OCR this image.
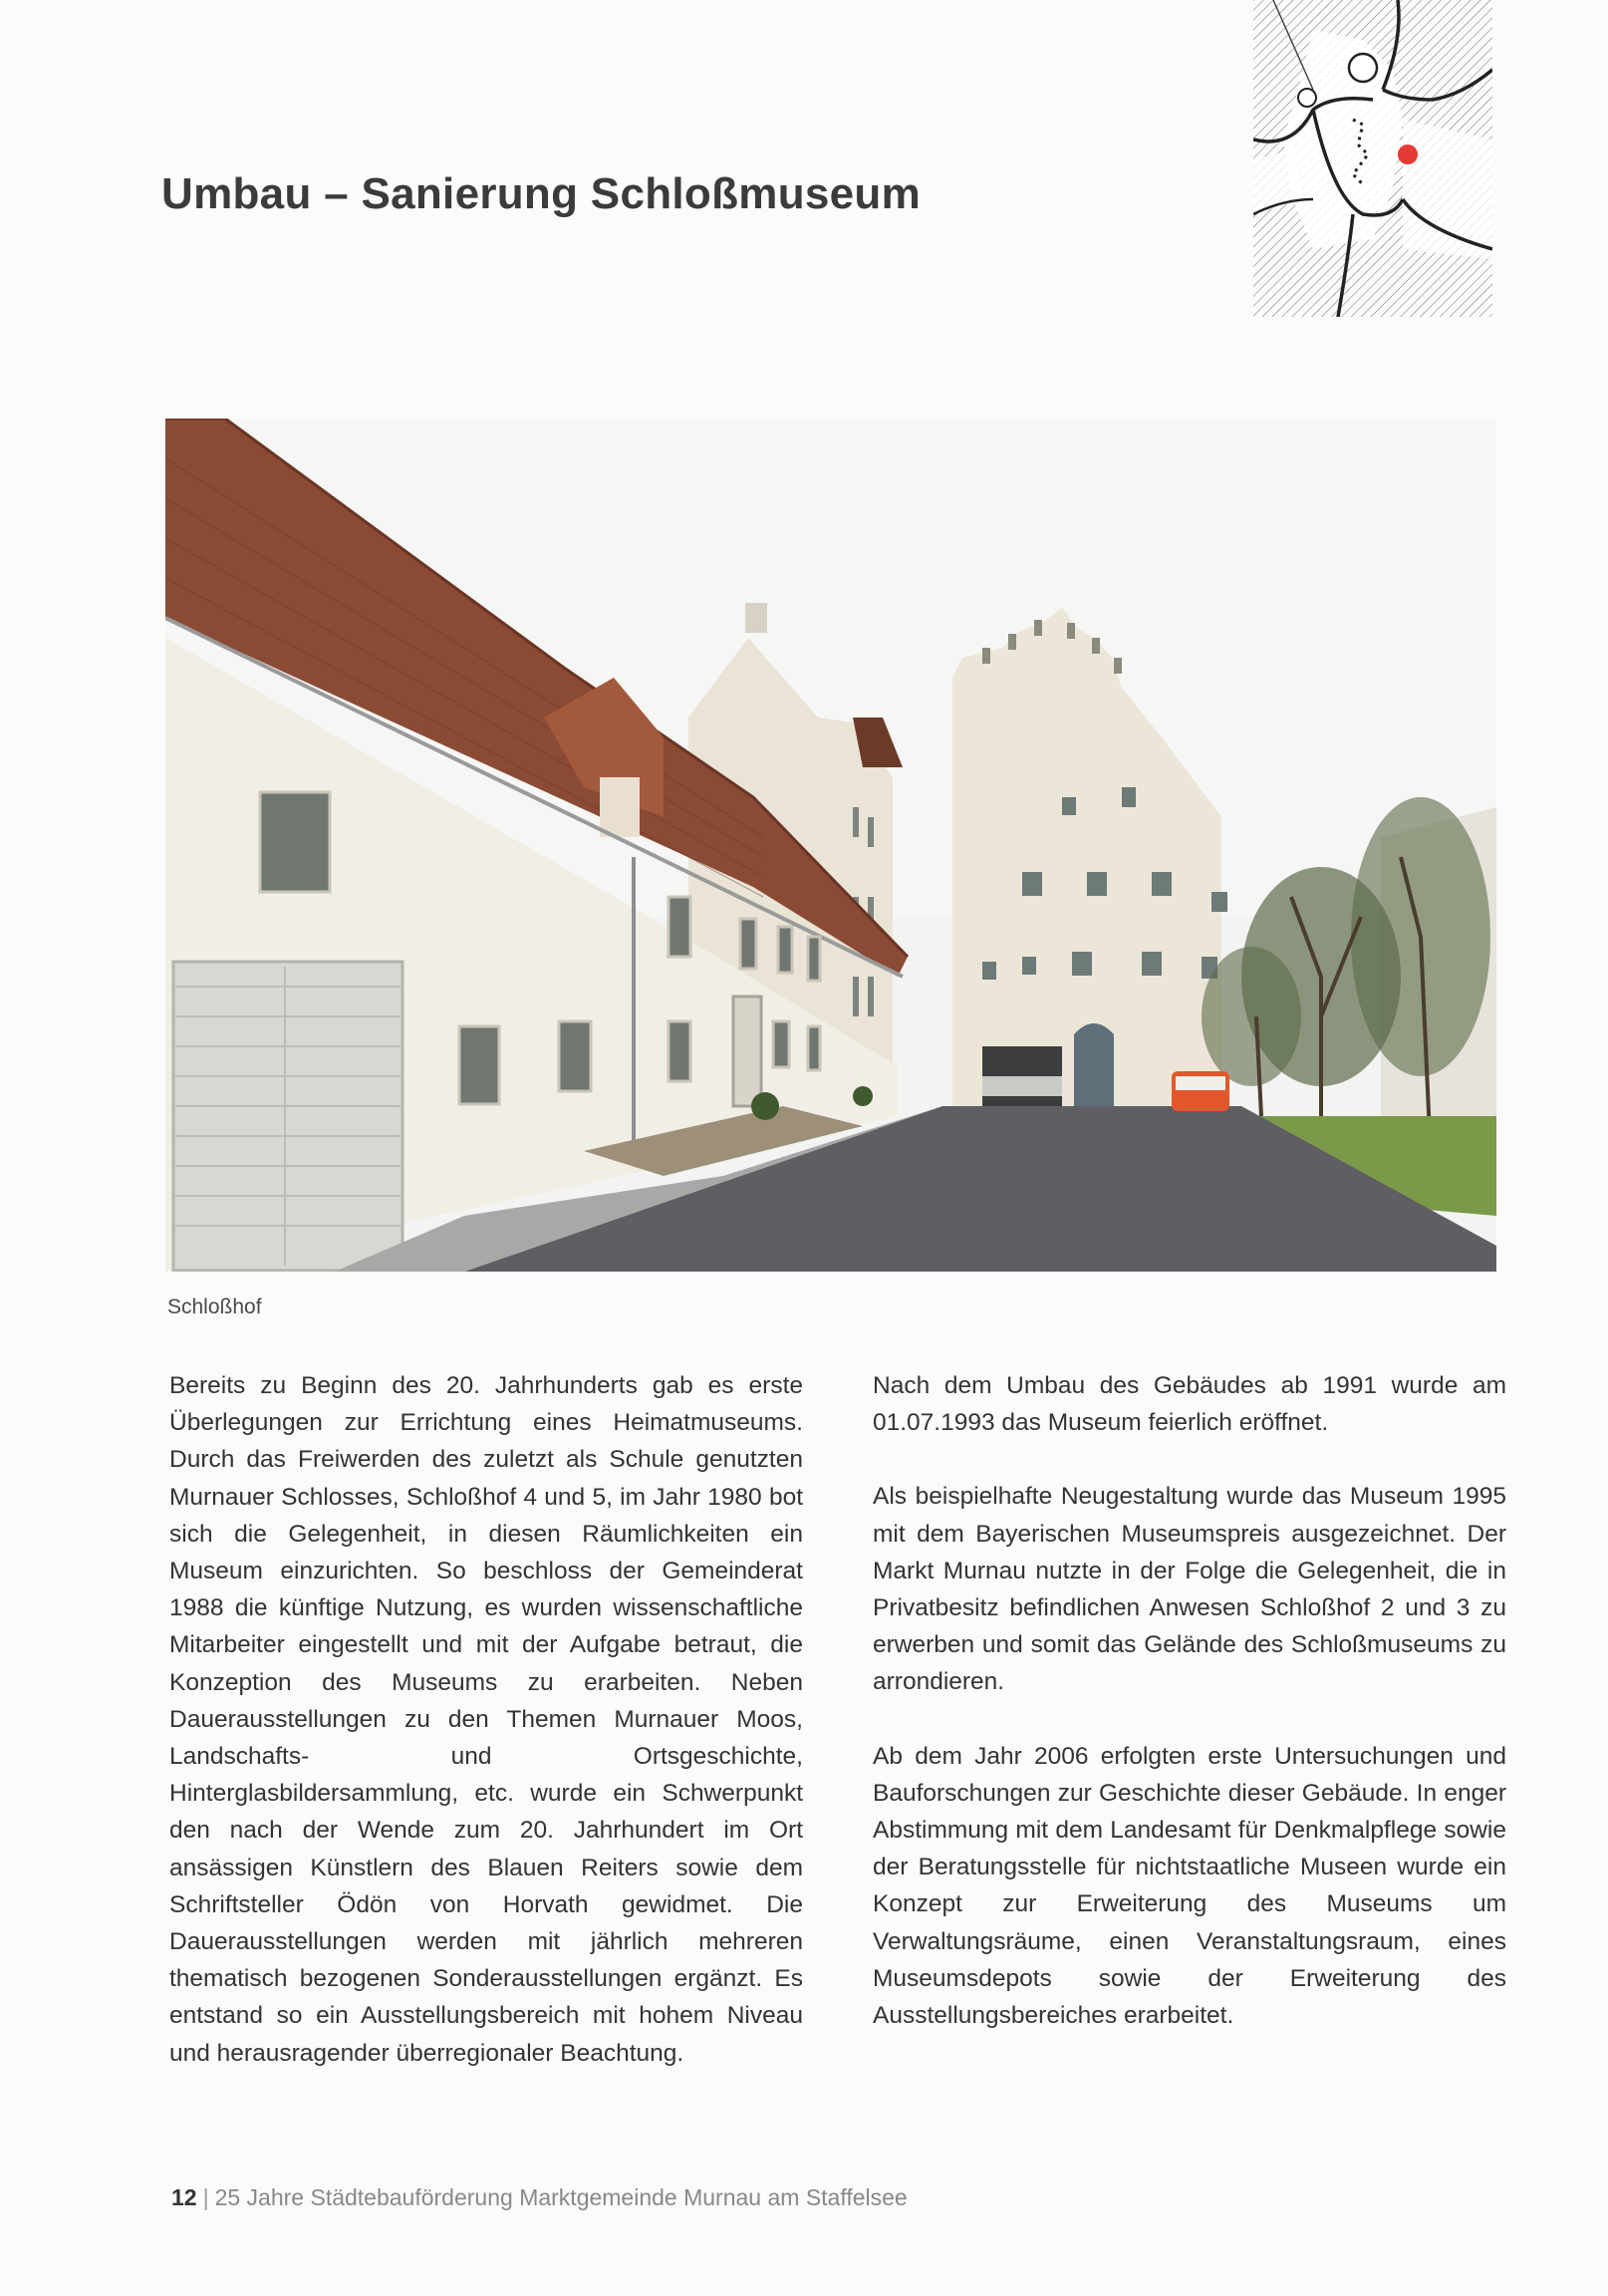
Umbau – Sanierung Schloßmuseum
Schloßhof

Bereits zu Beginn des 20. Jahrhunderts gab es erste Überlegungen zur Errichtung eines Heimatmuseums. Durch das Freiwerden des zuletzt als Schule genutzten Murnauer Schlosses, Schloßhof 4 und 5, im Jahr 1980 bot sich die Gelegenheit, in diesen Räumlichkeiten ein Museum einzurichten. So beschloss der Gemeinderat 1988 die künftige Nutzung, es wurden wissenschaftliche Mitarbeiter eingestellt und mit der Aufgabe betraut, die Konzeption des Museums zu erarbeiten. Neben Dauerausstellungen zu den Themen Murnauer Moos, Landschafts- und Ortsgeschichte, Hinterglasbildersammlung, etc. wurde ein Schwerpunkt den nach der Wende zum 20. Jahrhundert im Ort ansässigen Künstlern des Blauen Reiters sowie dem Schriftsteller Ödön von Horvath gewidmet. Die Dauerausstellungen werden mit jährlich mehreren thematisch bezogenen Sonderausstellungen ergänzt. Es entstand so ein Ausstellungsbereich mit hohem Niveau und herausragender überregionaler Beachtung.

Nach dem Umbau des Gebäudes ab 1991 wurde am 01.07.1993 das Museum feierlich eröffnet.

Als beispielhafte Neugestaltung wurde das Museum 1995 mit dem Bayerischen Museumspreis ausgezeichnet. Der Markt Murnau nutzte in der Folge die Gelegenheit, die in Privatbesitz befindlichen Anwesen Schloßhof 2 und 3 zu erwerben und somit das Gelände des Schloßmuseums zu arrondieren.

Ab dem Jahr 2006 erfolgten erste Untersuchungen und Bauforschungen zur Geschichte dieser Gebäude. In enger Abstimmung mit dem Landesamt für Denkmalpflege sowie der Beratungsstelle für nichtstaatliche Museen wurde ein Konzept zur Erweiterung des Museums um Verwaltungsräume, einen Veranstaltungsraum, eines Museumsdepots sowie der Erweiterung des Ausstellungsbereiches erarbeitet.

12 | 25 Jahre Städtebauförderung Marktgemeinde Murnau am Staffelsee
